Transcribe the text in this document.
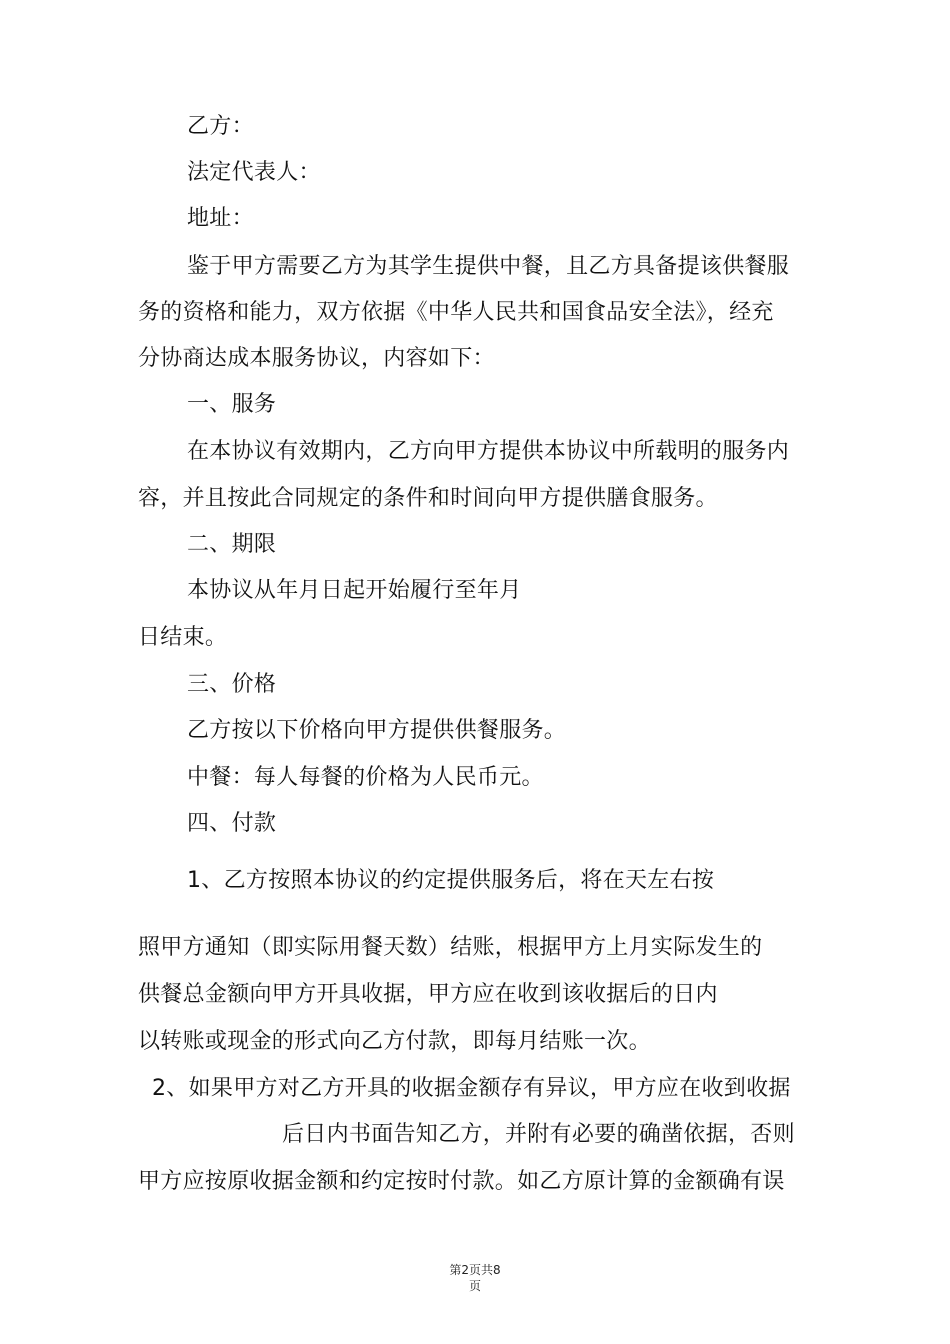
乙方：
法定代表人：
地址：
鉴于甲方需要乙方为其学生提供中餐，且乙方具备提该供餐服
务的资格和能力，双方依据《中华人民共和国食品安全法》，经充
分协商达成本服务协议，内容如下：
一、服务
在本协议有效期内，乙方向甲方提供本协议中所载明的服务内
容，并且按此合同规定的条件和时间向甲方提供膳食服务。
二、期限
本协议从年月日起开始履行至年月
日结束。
三、价格
乙方按以下价格向甲方提供供餐服务。
中餐：每人每餐的价格为人民币元。
四、付款
1、乙方按照本协议的约定提供服务后，将在天左右按
照甲方通知（即实际用餐天数）结账，根据甲方上月实际发生的
供餐总金额向甲方开具收据，甲方应在收到该收据后的日内
以转账或现金的形式向乙方付款，即每月结账一次。
2、如果甲方对乙方开具的收据金额存有异议，甲方应在收到收据
后日内书面告知乙方，并附有必要的确凿依据，否则
甲方应按原收据金额和约定按时付款。如乙方原计算的金额确有误
第2页共8
页
